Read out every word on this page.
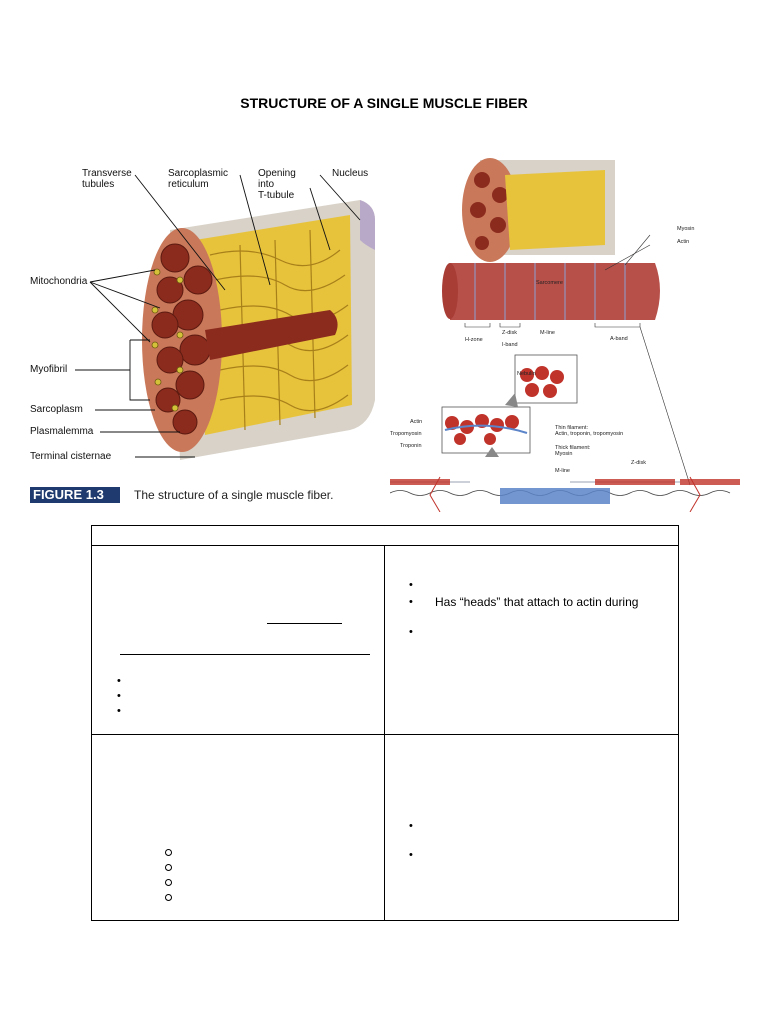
STRUCTURE OF A SINGLE MUSCLE FIBER
Transverse
tubules
Sarcoplasmic
reticulum
Opening
into
T-tubule
Nucleus
Mitochondria
Myofibril
Sarcoplasm
Plasmalemma
Terminal cisternae
FIGURE 1.3	The structure of a single muscle fiber.
Myosin
Actin
Sarcomere
H-zone
Z-disk
I-band
M-line
A-band
Nebulin
Actin
Tropomyosin
Troponin
Thin filament:
Actin, troponin, tropomyosin
Thick filament:
Myosin
M-line
Z-disk
•
•
•
•
• Has “heads” that attach to actin during
•
•
•
